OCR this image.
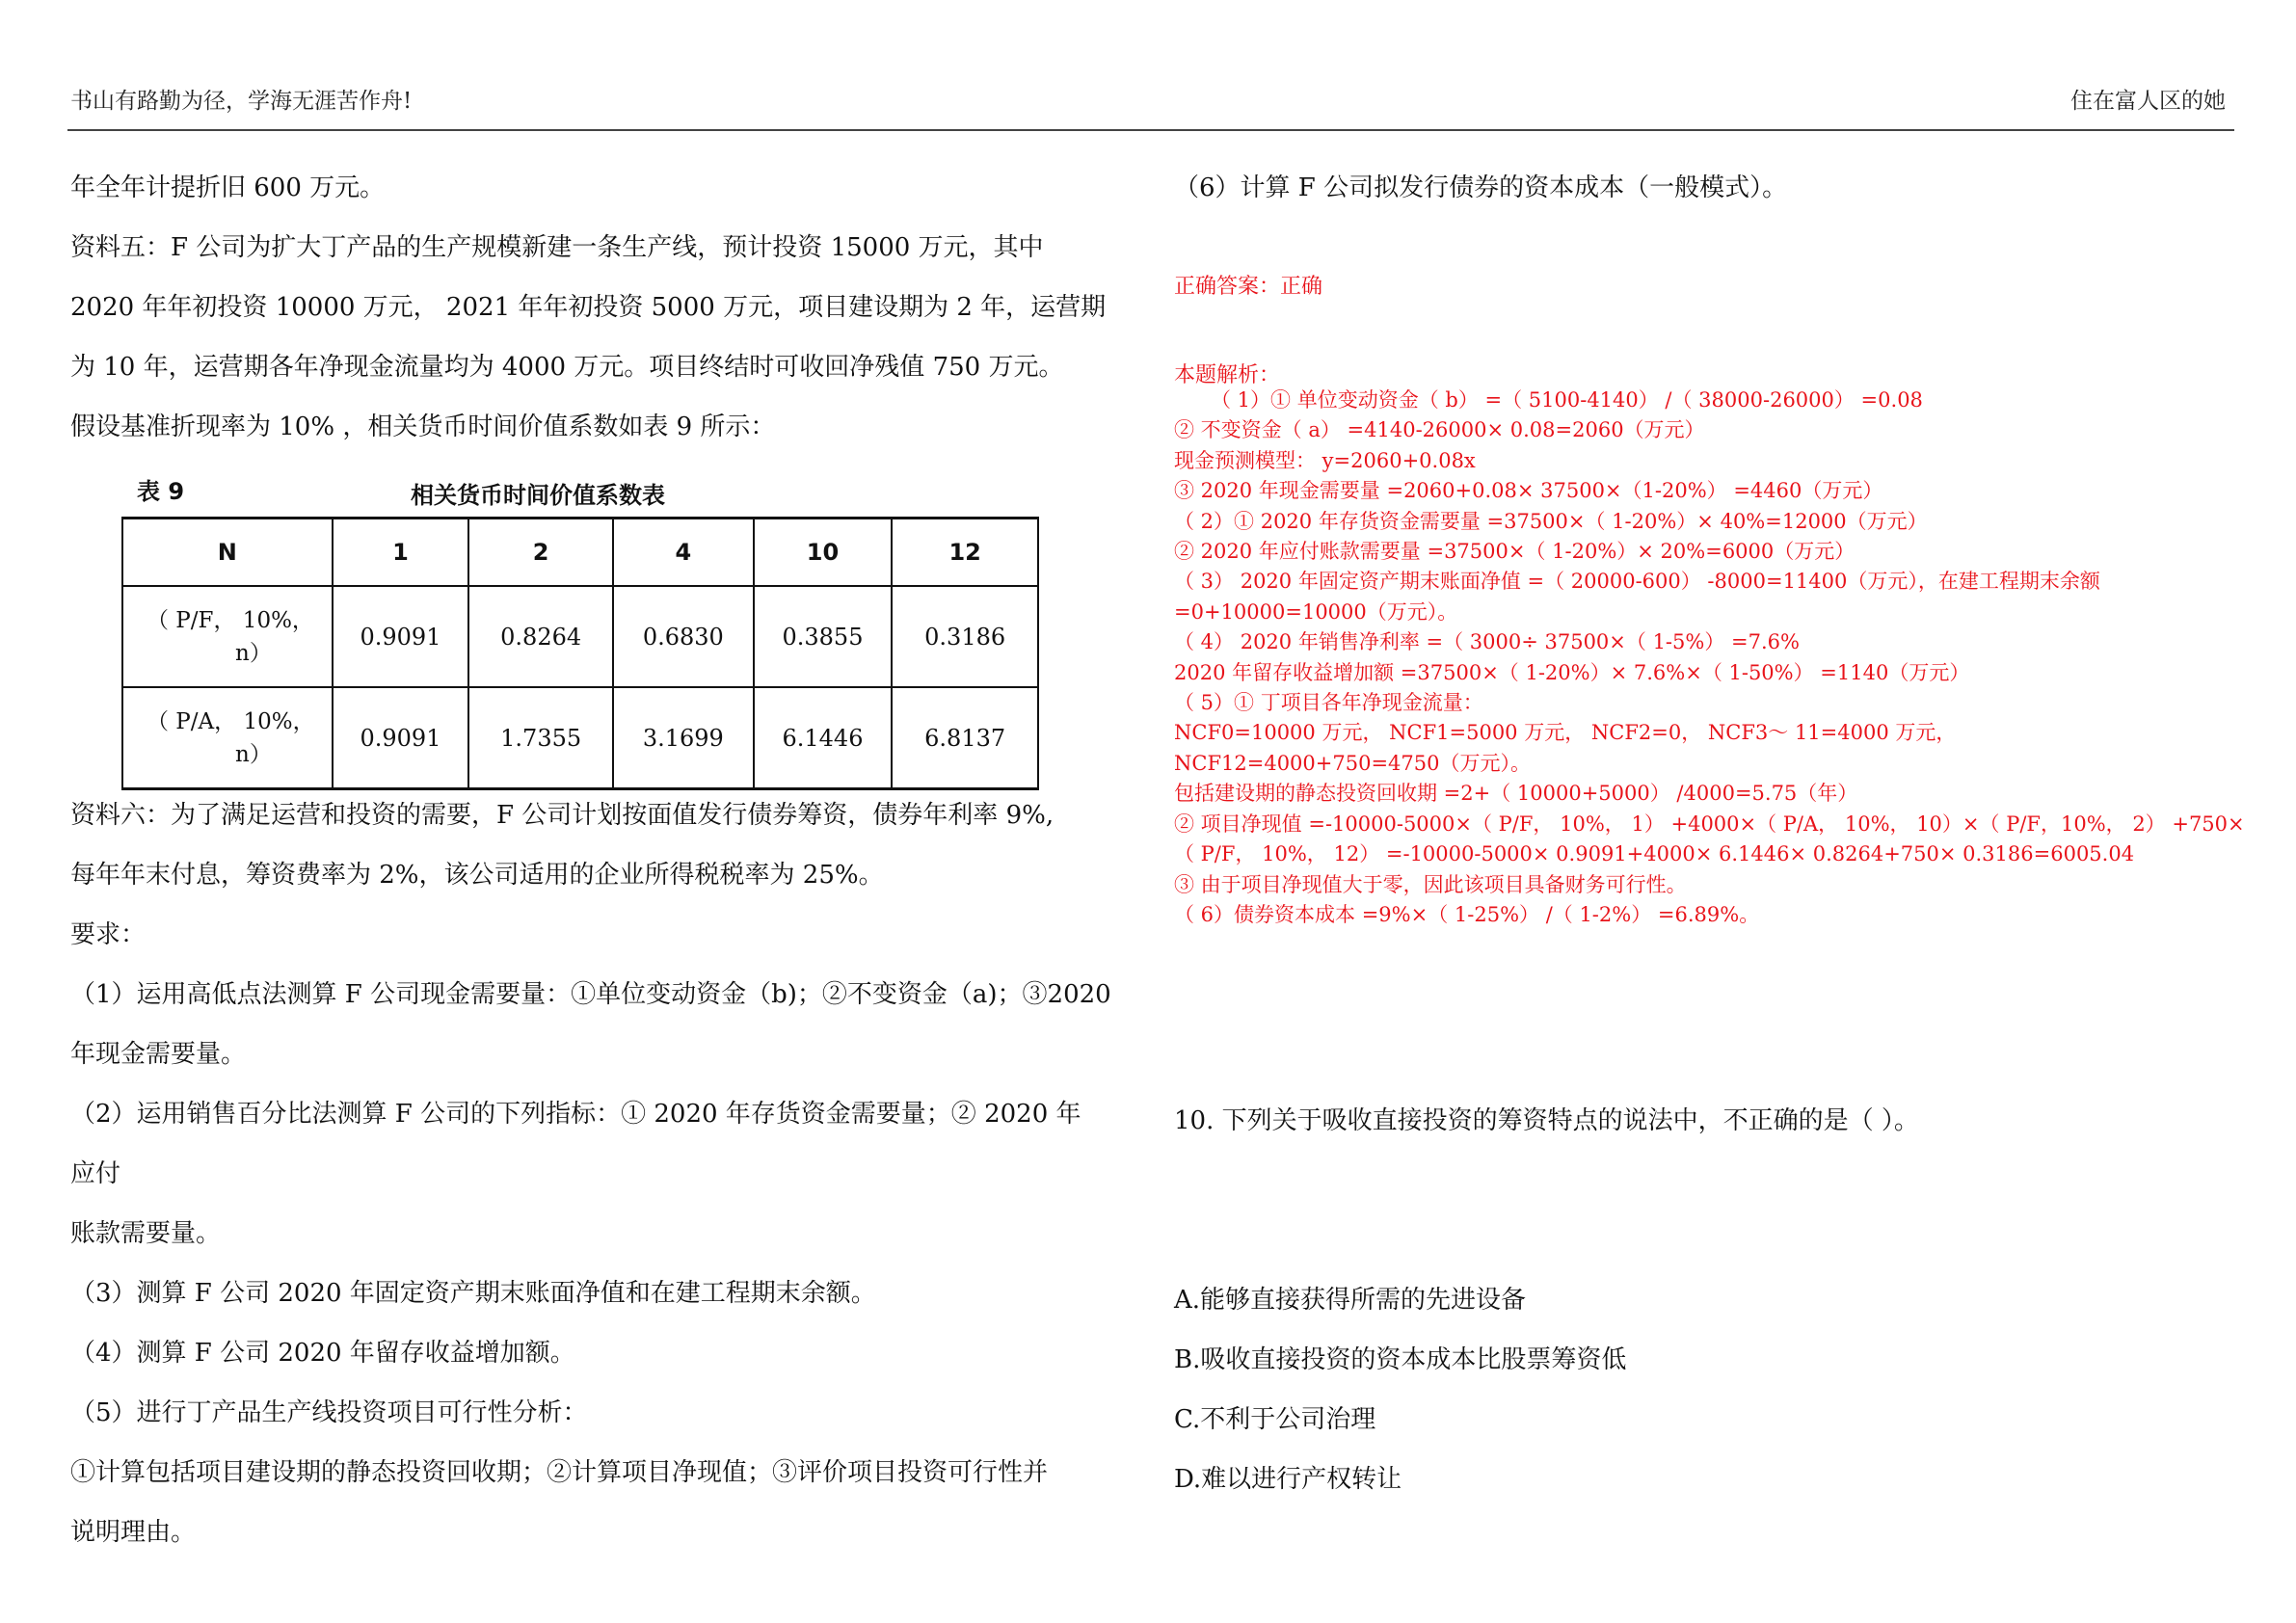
书山有路勤为径，学海无涯苦作舟!	住在富人区的她

年全年计提折旧 600 万元。

资料五：F 公司为扩大丁产品的生产规模新建一条生产线，预计投资 15000 万元，其中

2020 年年初投资 10000 万元， 2021 年年初投资 5000 万元，项目建设期为 2 年，运营期

为 10 年，运营期各年净现金流量均为 4000 万元。项目终结时可收回净残值 750 万元。

假设基准折现率为 10% ，相关货币时间价值系数如表 9 所示：

表 9	相关货币时间价值系数表
N	1	2	4	10	12

（ P/F， 10%，
n）	0.9091	0.8264	0.6830	0.3855	0.3186

（ P/A， 10%，
n）	0.9091	1.7355	3.1699	6.1446	6.8137

资料六：为了满足运营和投资的需要，F 公司计划按面值发行债券筹资，债券年利率 9%,

每年年末付息，筹资费率为 2%，该公司适用的企业所得税税率为 25%。

要求：

（1）运用高低点法测算 F 公司现金需要量：①单位变动资金（b)；②不变资金（a)；③2020

年现金需要量。

（2）运用销售百分比法测算 F 公司的下列指标：① 2020 年存货资金需要量；② 2020 年

应付

账款需要量。

（3）测算 F 公司 2020 年固定资产期末账面净值和在建工程期末余额。

（4）测算 F 公司 2020 年留存收益增加额。

（5）进行丁产品生产线投资项目可行性分析：

①计算包括项目建设期的静态投资回收期；②计算项目净现值；③评价项目投资可行性并

说明理由。

（6）计算 F 公司拟发行债券的资本成本（一般模式）。
正确答案：正确
本题解析：

（ 1）① 单位变动资金（ b） =（ 5100-4140） /（ 38000-26000） =0.08

② 不变资金（ a） =4140-26000× 0.08=2060（万元）

现金预测模型： y=2060+0.08x

③ 2020 年现金需要量 =2060+0.08× 37500×（1-20%） =4460（万元）

（ 2）① 2020 年存货资金需要量 =37500×（ 1-20%）× 40%=12000（万元）

② 2020 年应付账款需要量 =37500×（ 1-20%）× 20%=6000（万元）

（ 3） 2020 年固定资产期末账面净值 =（ 20000-600） -8000=11400（万元），在建工程期末余额

=0+10000=10000（万元）。

（ 4） 2020 年销售净利率 =（ 3000÷ 37500×（ 1-5%） =7.6%

2020 年留存收益增加额 =37500×（ 1-20%）× 7.6%×（ 1-50%） =1140（万元）

（ 5）① 丁项目各年净现金流量：

NCF0=10000 万元， NCF1=5000 万元， NCF2=0， NCF3～ 11=4000 万元，

NCF12=4000+750=4750（万元）。

包括建设期的静态投资回收期 =2+（ 10000+5000） /4000=5.75（年）

② 项目净现值 =-10000-5000×（ P/F， 10%， 1） +4000×（ P/A， 10%， 10）×（ P/F，10%， 2） +750×

（ P/F， 10%， 12） =-10000-5000× 0.9091+4000× 6.1446× 0.8264+750× 0.3186=6005.04

③ 由于项目净现值大于零，因此该项目具备财务可行性。

（ 6）债券资本成本 =9%×（ 1-25%） /（ 1-2%） =6.89%。

10. 下列关于吸收直接投资的筹资特点的说法中，不正确的是（ ）。

A.能够直接获得所需的先进设备

B.吸收直接投资的资本成本比股票筹资低

C.不利于公司治理

D.难以进行产权转让
